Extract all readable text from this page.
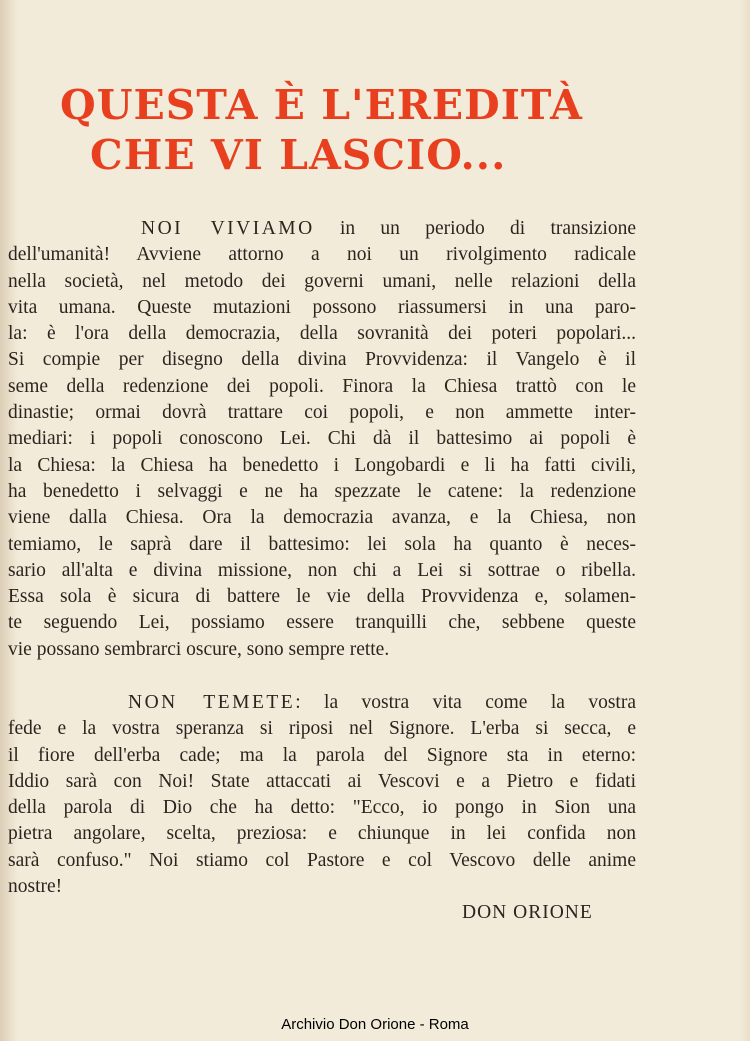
QUESTA È L'EREDITÀ
CHE VI LASCIO...
NOI VIVIAMO in un periodo di transizione
dell'umanità! Avviene attorno a noi un rivolgimento radicale
nella società, nel metodo dei governi umani, nelle relazioni della
vita umana. Queste mutazioni possono riassumersi in una paro-
la: è l'ora della democrazia, della sovranità dei poteri popolari...
Si compie per disegno della divina Provvidenza: il Vangelo è il
seme della redenzione dei popoli. Finora la Chiesa trattò con le
dinastie; ormai dovrà trattare coi popoli, e non ammette inter-
mediari: i popoli conoscono Lei. Chi dà il battesimo ai popoli è
la Chiesa: la Chiesa ha benedetto i Longobardi e li ha fatti civili,
ha benedetto i selvaggi e ne ha spezzate le catene: la redenzione
viene dalla Chiesa. Ora la democrazia avanza, e la Chiesa, non
temiamo, le saprà dare il battesimo: lei sola ha quanto è neces-
sario all'alta e divina missione, non chi a Lei si sottrae o ribella.
Essa sola è sicura di battere le vie della Provvidenza e, solamen-
te seguendo Lei, possiamo essere tranquilli che, sebbene queste
vie possano sembrarci oscure, sono sempre rette.
NON TEMETE: la vostra vita come la vostra
fede e la vostra speranza si riposi nel Signore. L'erba si secca, e
il fiore dell'erba cade; ma la parola del Signore sta in eterno:
Iddio sarà con Noi! State attaccati ai Vescovi e a Pietro e fidati
della parola di Dio che ha detto: "Ecco, io pongo in Sion una
pietra angolare, scelta, preziosa: e chiunque in lei confida non
sarà confuso." Noi stiamo col Pastore e col Vescovo delle anime
nostre!

DON ORIONE

Archivio Don Orione - Roma
